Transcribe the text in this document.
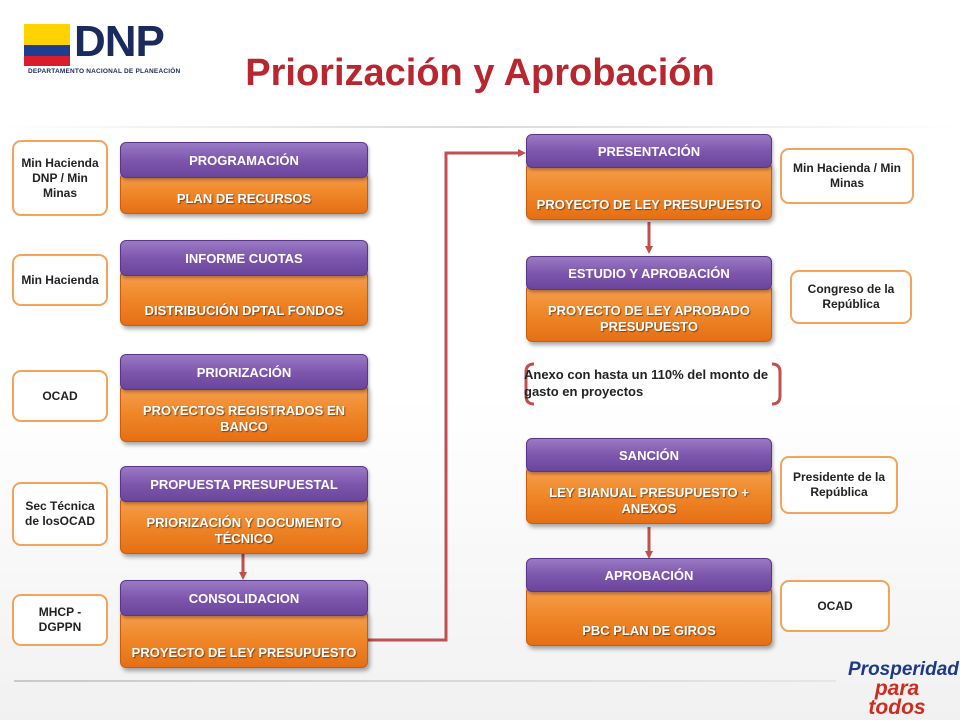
DNP
DEPARTAMENTO NACIONAL DE PLANEACIÓN	Priorización y Aprobación
Min Hacienda DNP / Min Minas	PLAN DE RECURSOS
PROGRAMACIÓN
Min Hacienda
DISTRIBUCIÓN DPTAL FONDOS
INFORME CUOTAS
OCAD
PROYECTOS REGISTRADOS EN BANCO
PRIORIZACIÓN
Sec Técnica de losOCAD	PRIORIZACIÓN Y DOCUMENTO TÉCNICO
PROPUESTA PRESUPUESTAL
MHCP - DGPPN
PROYECTO DE LEY PRESUPUESTO
CONSOLIDACION
PROYECTO DE LEY PRESUPUESTO
PRESENTACIÓN
Min Hacienda / Min Minas
PROYECTO DE LEY APROBADO PRESUPUESTO
ESTUDIO Y APROBACIÓN
Congreso de la República
Anexo con hasta un 110% del monto de gasto en proyectos
LEY BIANUAL PRESUPUESTO + ANEXOS
SANCIÓN
Presidente de la República
PBC PLAN DE GIROS
APROBACIÓN
OCAD
Prosperidad
para todos
